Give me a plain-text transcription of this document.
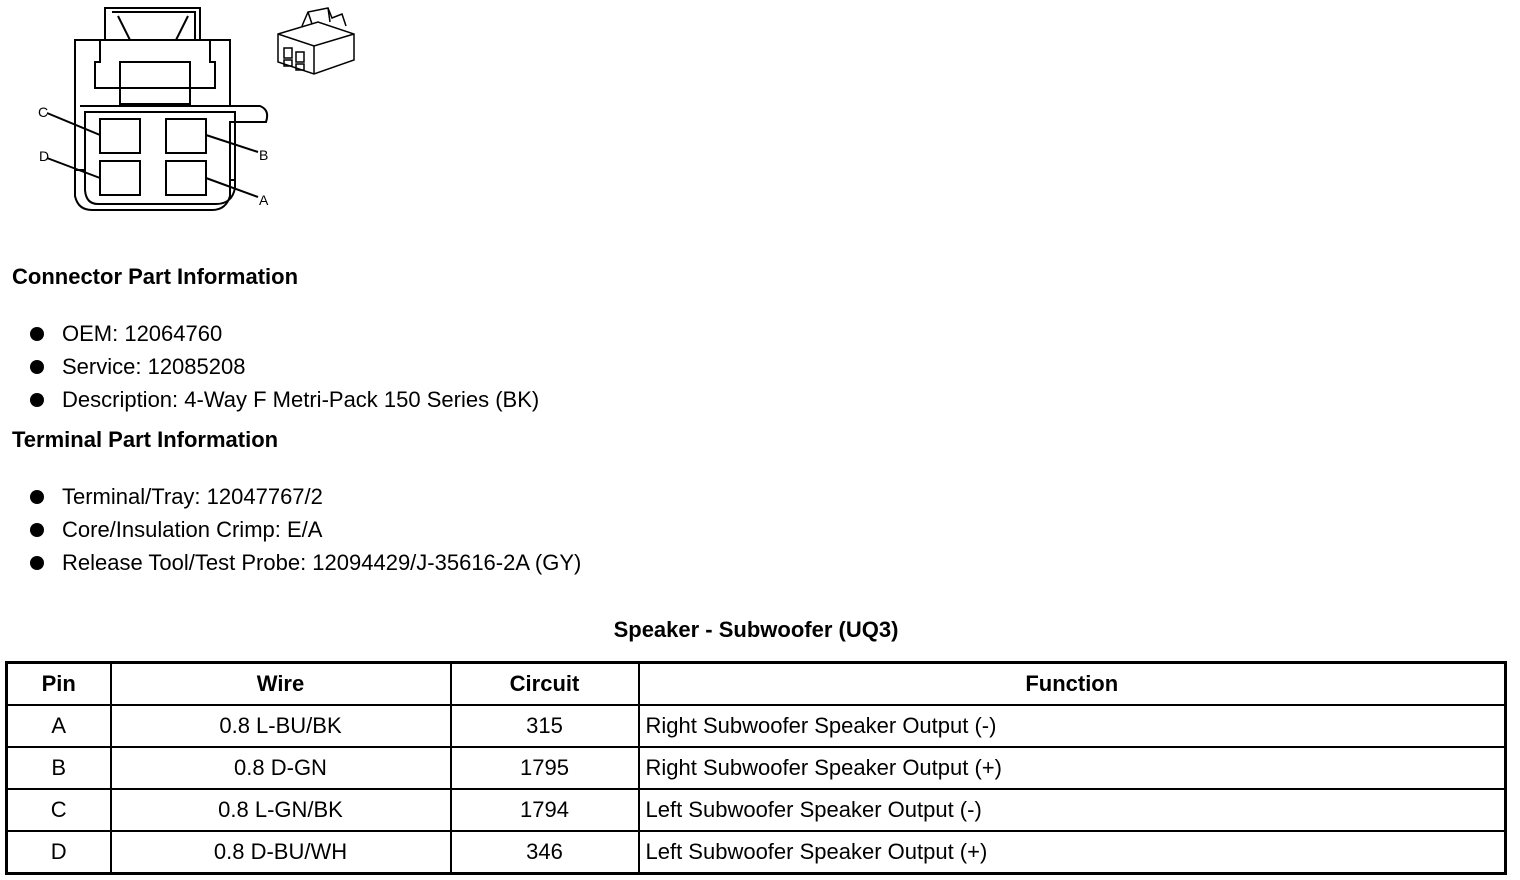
C
D	B
A
Connector Part Information
OEM: 12064760
Service: 12085208
Description: 4-Way F Metri-Pack 150 Series (BK)
Terminal Part Information
Terminal/Tray: 12047767/2
Core/Insulation Crimp: E/A
Release Tool/Test Probe: 12094429/J-35616-2A (GY)
Speaker - Subwoofer (UQ3)
Pin	Wire	Circuit	Function
A	0.8 L-BU/BK	315	Right Subwoofer Speaker Output (-)
B	0.8 D-GN	1795	Right Subwoofer Speaker Output (+)
C	0.8 L-GN/BK	1794	Left Subwoofer Speaker Output (-)
D	0.8 D-BU/WH	346	Left Subwoofer Speaker Output (+)
